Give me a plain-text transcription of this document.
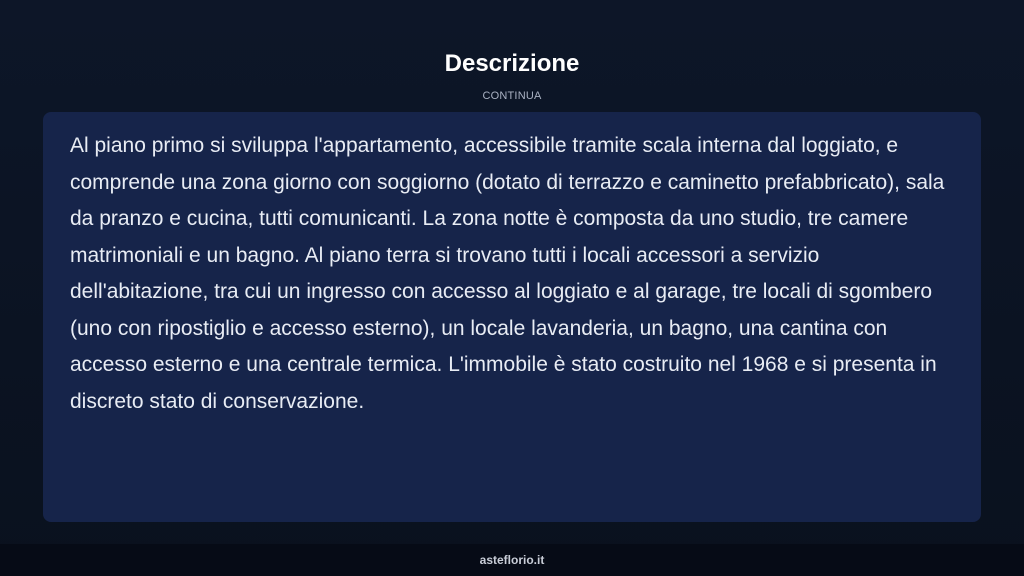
Descrizione
CONTINUA

Al piano primo si sviluppa l'appartamento, accessibile tramite scala interna dal loggiato, e comprende una zona giorno con soggiorno (dotato di terrazzo e caminetto prefabbricato), sala da pranzo e cucina, tutti comunicanti. La zona notte è composta da uno studio, tre camere matrimoniali e un bagno. Al piano terra si trovano tutti i locali accessori a servizio dell'abitazione, tra cui un ingresso con accesso al loggiato e al garage, tre locali di sgombero (uno con ripostiglio e accesso esterno), un locale lavanderia, un bagno, una cantina con accesso esterno e una centrale termica. L'immobile è stato costruito nel 1968 e si presenta in discreto stato di conservazione.

asteflorio.it
